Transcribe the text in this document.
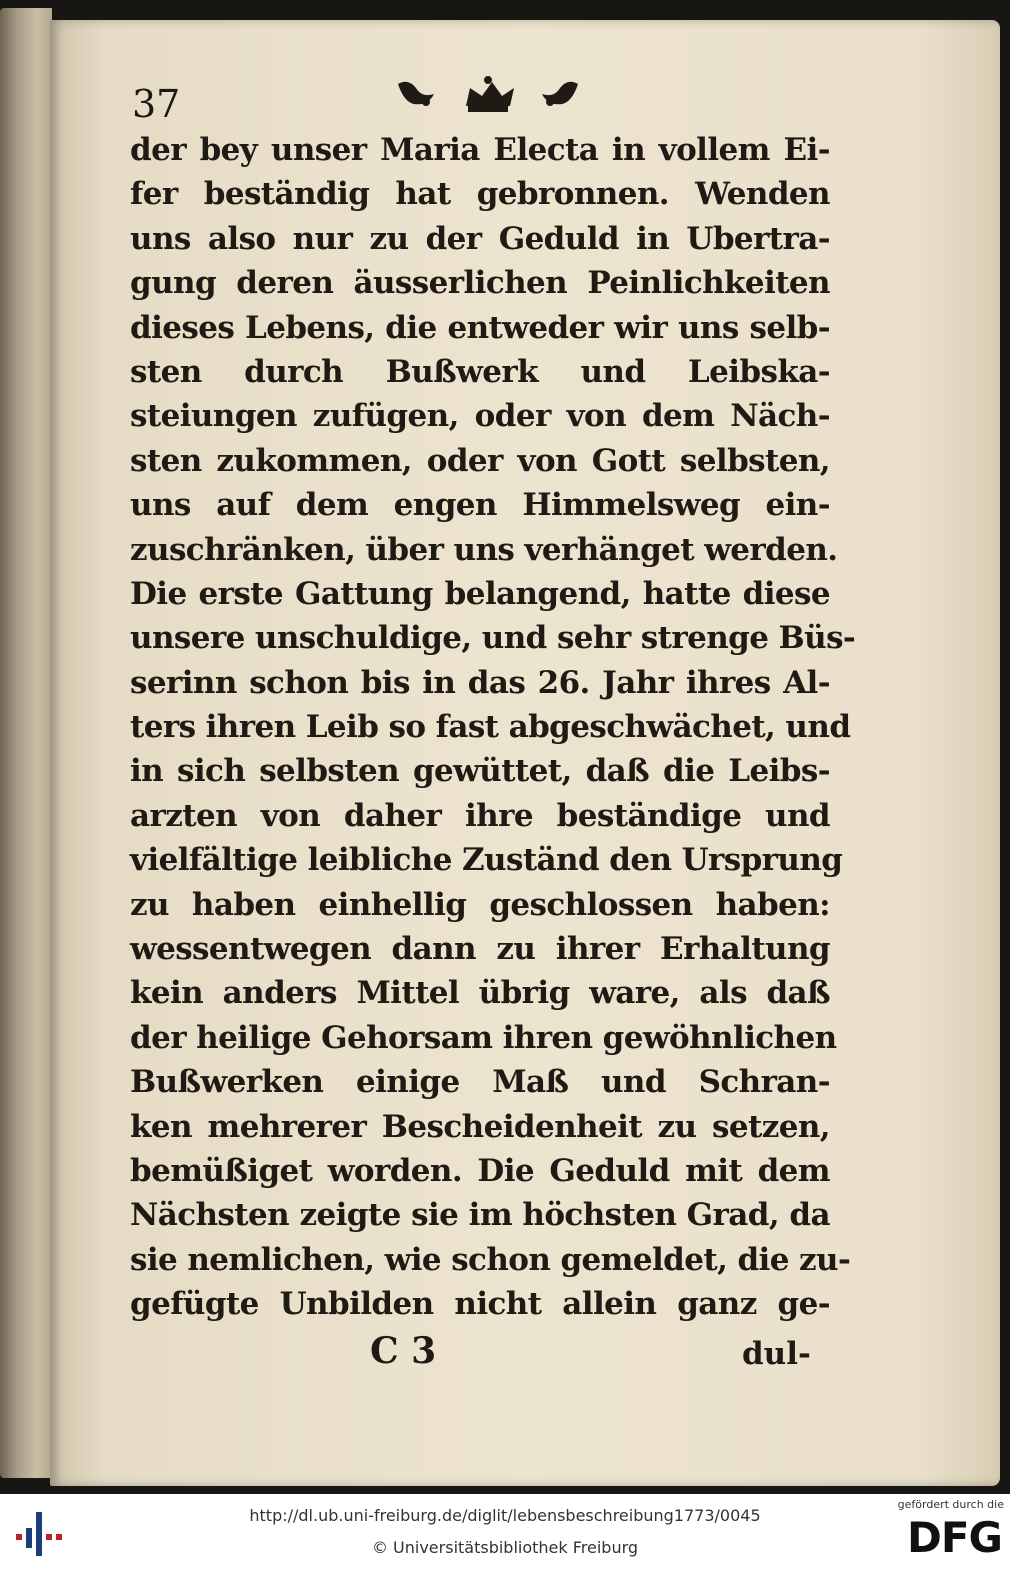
37
der bey unser Maria Electa in vollem Ei-
fer beständig hat gebronnen. Wenden
uns also nur zu der Geduld in Ubertra-
gung deren äusserlichen Peinlichkeiten
dieses Lebens, die entweder wir uns selb-
sten durch Bußwerk und Leibska-
steiungen zufügen, oder von dem Näch-
sten zukommen, oder von Gott selbsten,
uns auf dem engen Himmelsweg ein-
zuschränken, über uns verhänget werden.
Die erste Gattung belangend, hatte diese
unsere unschuldige, und sehr strenge Büs-
serinn schon bis in das 26. Jahr ihres Al-
ters ihren Leib so fast abgeschwächet, und
in sich selbsten gewüttet, daß die Leibs-
arzten von daher ihre beständige und
vielfältige leibliche Zuständ den Ursprung
zu haben einhellig geschlossen haben:
wessentwegen dann zu ihrer Erhaltung
kein anders Mittel übrig ware, als daß
der heilige Gehorsam ihren gewöhnlichen
Bußwerken einige Maß und Schran-
ken mehrerer Bescheidenheit zu setzen,
bemüßiget worden. Die Geduld mit dem
Nächsten zeigte sie im höchsten Grad, da
sie nemlichen, wie schon gemeldet, die zu-
gefügte Unbilden nicht allein ganz ge-
C 3	dul-
http://dl.ub.uni-freiburg.de/diglit/lebensbeschreibung1773/0045
© Universitätsbibliothek Freiburg
gefördert durch die
DFG
